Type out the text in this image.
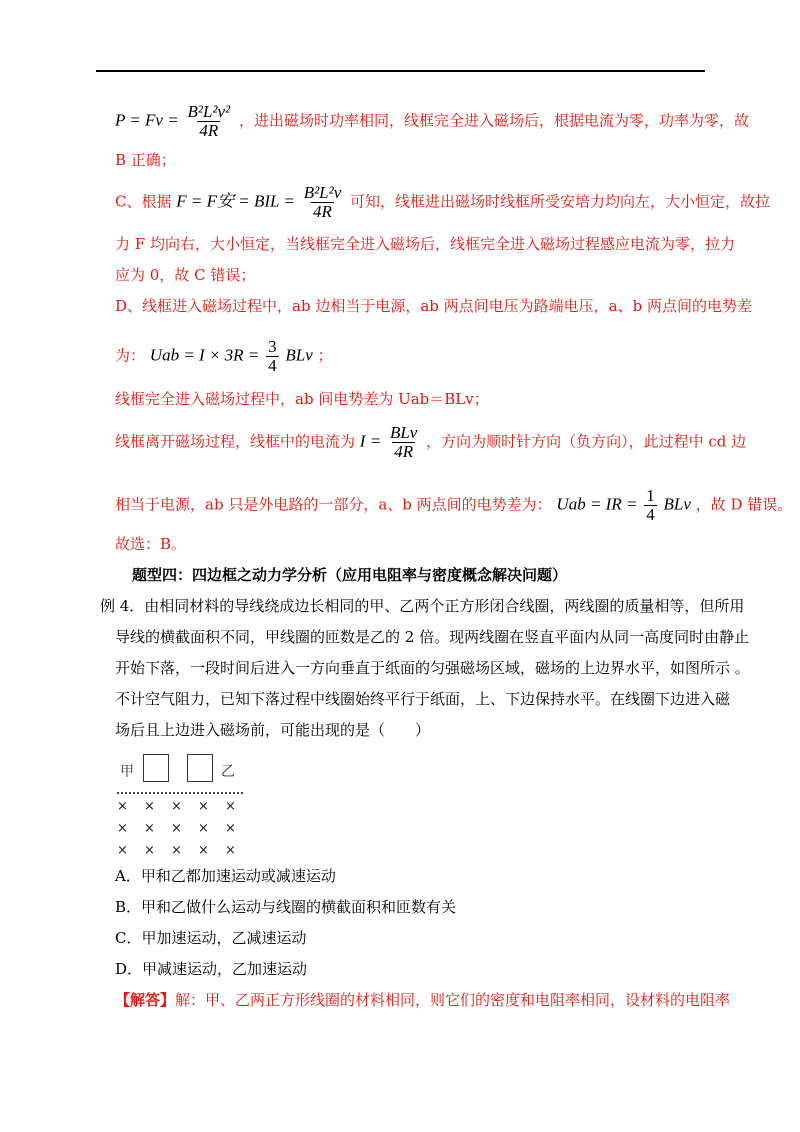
$P = Fv = \frac{\text{B²L²v²}}{4R}$ ，进出磁场时功率相同，线框完全进入磁场后，根据电流为零，功率为零，故
B 正确；
C、根据 F = F安 = BIL = $\frac{\text{B²L²v}}{4R}$ 可知，线框进出磁场时线框所受安培力均向左，大小恒定，故拉
力 F 均向右，大小恒定，当线框完全进入磁场后，线框完全进入磁场过程感应电流为零，拉力
应为 0，故 C 错误；
D、线框进入磁场过程中，ab 边相当于电源，ab 两点间电压为路端电压，a、b 两点间的电势差
为： Uab = $I \times 3R = \frac{3}{4}$ BLv ；
线框完全进入磁场过程中，ab 间电势差为 Uab＝BLv；
线框离开磁场过程，线框中的电流为 $I = \frac{\text{BLv}}{4R}$ ，方向为顺时针方向（负方向），此过程中 cd 边
相当于电源，ab 只是外电路的一部分，a、b 两点间的电势差为： Uab = IR = $\frac{1}{4}$ BLv ，故 D 错误。
故选：B。
题型四：四边框之动力学分析（应用电阻率与密度概念解决问题）
例 4．由相同材料的导线绕成边长相同的甲、乙两个正方形闭合线圈，两线圈的质量相等，但所用
导线的横截面积不同，甲线圈的匝数是乙的 2 倍。现两线圈在竖直平面内从同一高度同时由静止
开始下落，一段时间后进入一方向垂直于纸面的匀强磁场区域，磁场的上边界水平，如图所示 。
不计空气阻力，已知下落过程中线圈始终平行于纸面，上、下边保持水平。在线圈下边进入磁
场后且上边进入磁场前，可能出现的是（　　）
甲	乙
× × × × ×
× × × × ×
× × × × ×
A．甲和乙都加速运动或减速运动
B．甲和乙做什么运动与线圈的横截面积和匝数有关
C．甲加速运动，乙减速运动
D．甲减速运动，乙加速运动
【解答】解：甲、乙两正方形线圈的材料相同，则它们的密度和电阻率相同，设材料的电阻率
